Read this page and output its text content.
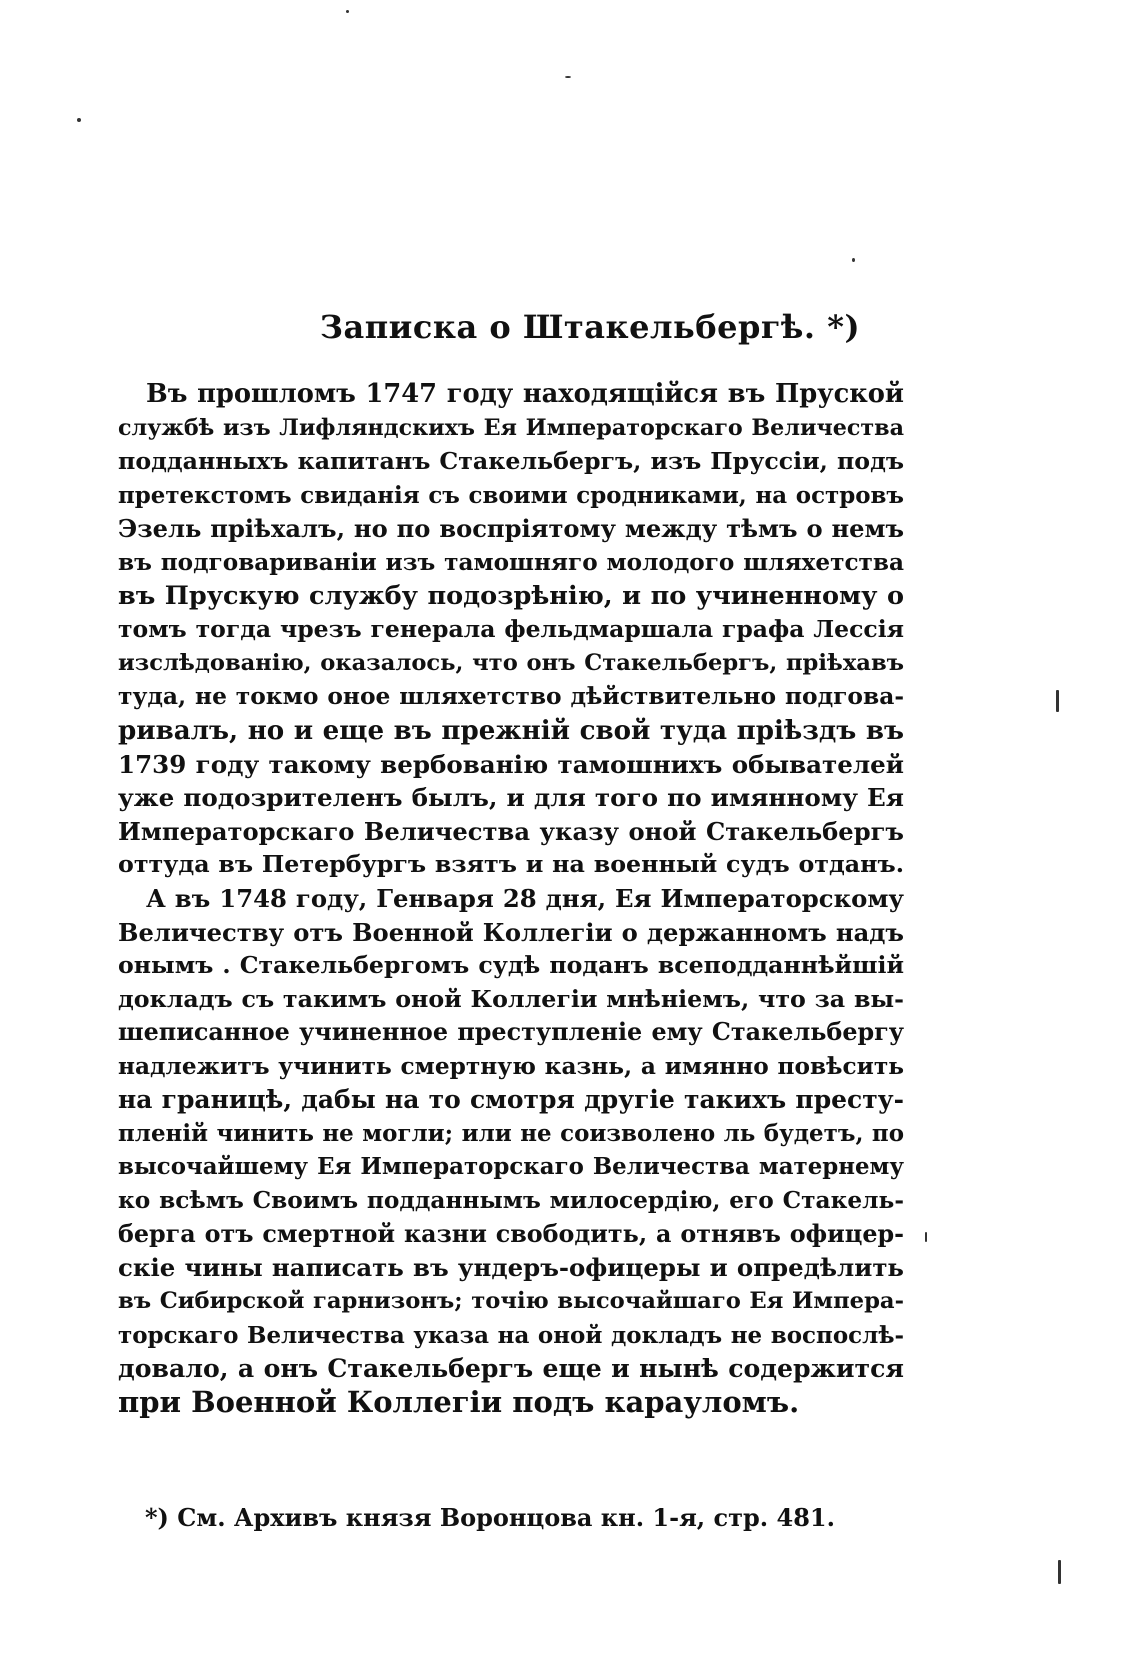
Записка о Штакельбергѣ. *)
Въ прошломъ 1747 году находящійся въ Пруской
службѣ изъ Лифляндскихъ Ея Императорскаго Величества
подданныхъ капитанъ Стакельбергъ, изъ Пруссіи, подъ
претекстомъ свиданія съ своими сродниками, на островъ
Эзель пріѣхалъ, но по воспріятому между тѣмъ о немъ
въ подговариваніи изъ тамошняго молодого шляхетства
въ Прускую службу подозрѣнію, и по учиненному о
томъ тогда чрезъ генерала фельдмаршала графа Лессія
изслѣдованію, оказалось, что онъ Стакельбергъ, пріѣхавъ
туда, не токмо оное шляхетство дѣйствительно подгова-
ривалъ, но и еще въ прежній свой туда пріѣздъ въ
1739 году такому вербованію тамошнихъ обывателей
уже подозрителенъ былъ, и для того по имянному Ея
Императорскаго Величества указу оной Стакельбергъ
оттуда въ Петербургъ взятъ и на военный судъ отданъ.
А въ 1748 году, Генваря 28 дня, Ея Императорскому
Величеству отъ Военной Коллегіи о держанномъ надъ
онымъ . Стакельбергомъ судѣ поданъ всеподданнѣйшій
докладъ съ такимъ оной Коллегіи мнѣніемъ, что за вы-
шеписанное учиненное преступленіе ему Стакельбергу
надлежитъ учинить смертную казнь, а имянно повѣсить
на границѣ, дабы на то смотря другіе такихъ престу-
пленій чинить не могли; или не соизволено ль будетъ, по
высочайшему Ея Императорскаго Величества матернему
ко всѣмъ Своимъ подданнымъ милосердію, его Стакель-
берга отъ смертной казни свободить, а отнявъ офицер-
скіе чины написать въ ундеръ-офицеры и опредѣлить
въ Сибирской гарнизонъ; точію высочайшаго Ея Импера-
торскаго Величества указа на оной докладъ не воспослѣ-
довало, а онъ Стакельбергъ еще и нынѣ содержится
при Военной Коллегіи подъ карауломъ.
*) См. Архивъ князя Воронцова кн. 1-я, стр. 481.
